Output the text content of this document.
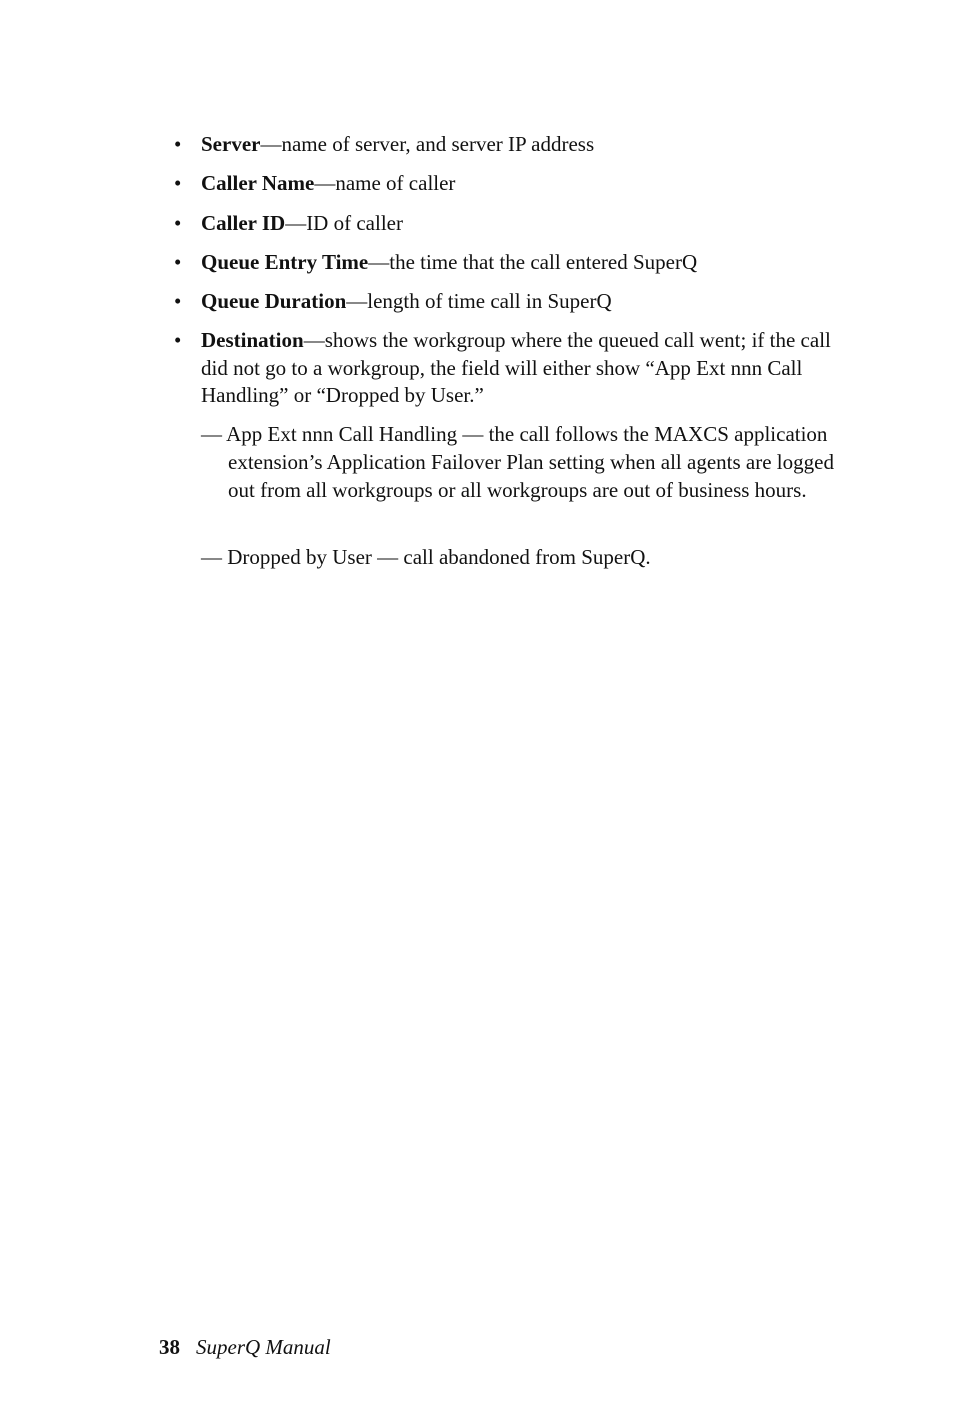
• Server—name of server, and server IP address
• Caller Name—name of caller
• Caller ID—ID of caller
• Queue Entry Time—the time that the call entered SuperQ
• Queue Duration—length of time call in SuperQ
• Destination—shows the workgroup where the queued call went; if the call did not go to a workgroup, the field will either show “App Ext nnn Call Handling” or “Dropped by User.”
— App Ext nnn Call Handling — the call follows the MAXCS application extension’s Application Failover Plan setting when all agents are logged out from all workgroups or all workgroups are out of business hours.
— Dropped by User — call abandoned from SuperQ.
38 SuperQ Manual
